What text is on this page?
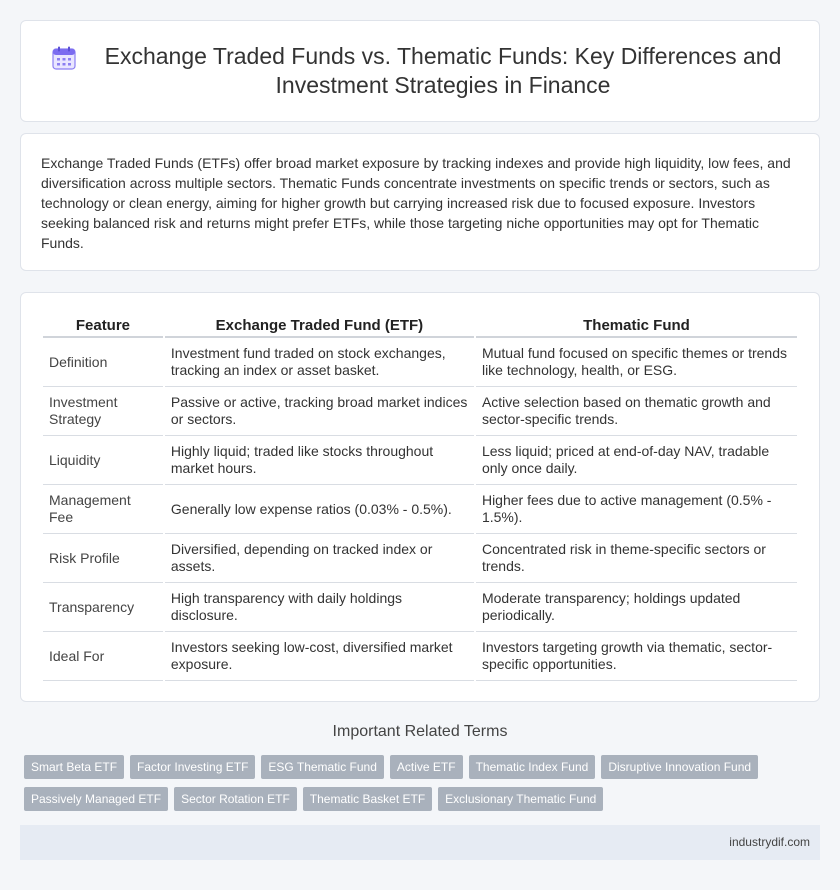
Exchange Traded Funds vs. Thematic Funds: Key Differences and Investment Strategies in Finance

Exchange Traded Funds (ETFs) offer broad market exposure by tracking indexes and provide high liquidity, low fees, and diversification across multiple sectors. Thematic Funds concentrate investments on specific trends or sectors, such as technology or clean energy, aiming for higher growth but carrying increased risk due to focused exposure. Investors seeking balanced risk and returns might prefer ETFs, while those targeting niche opportunities may opt for Thematic Funds.

Feature	Exchange Traded Fund (ETF)	Thematic Fund
Definition	Investment fund traded on stock exchanges, tracking an index or asset basket.	Mutual fund focused on specific themes or trends like technology, health, or ESG.
Investment Strategy	Passive or active, tracking broad market indices or sectors.	Active selection based on thematic growth and sector-specific trends.
Liquidity	Highly liquid; traded like stocks throughout market hours.	Less liquid; priced at end-of-day NAV, tradable only once daily.
Management Fee	Generally low expense ratios (0.03% - 0.5%).	Higher fees due to active management (0.5% - 1.5%).
Risk Profile	Diversified, depending on tracked index or assets.	Concentrated risk in theme-specific sectors or trends.
Transparency	High transparency with daily holdings disclosure.	Moderate transparency; holdings updated periodically.
Ideal For	Investors seeking low-cost, diversified market exposure.	Investors targeting growth via thematic, sector-specific opportunities.
Important Related Terms
Smart Beta ETF	Factor Investing ETF	ESG Thematic Fund	Active ETF	Thematic Index Fund	Disruptive Innovation Fund
Passively Managed ETF	Sector Rotation ETF	Thematic Basket ETF	Exclusionary Thematic Fund
industrydif.com
